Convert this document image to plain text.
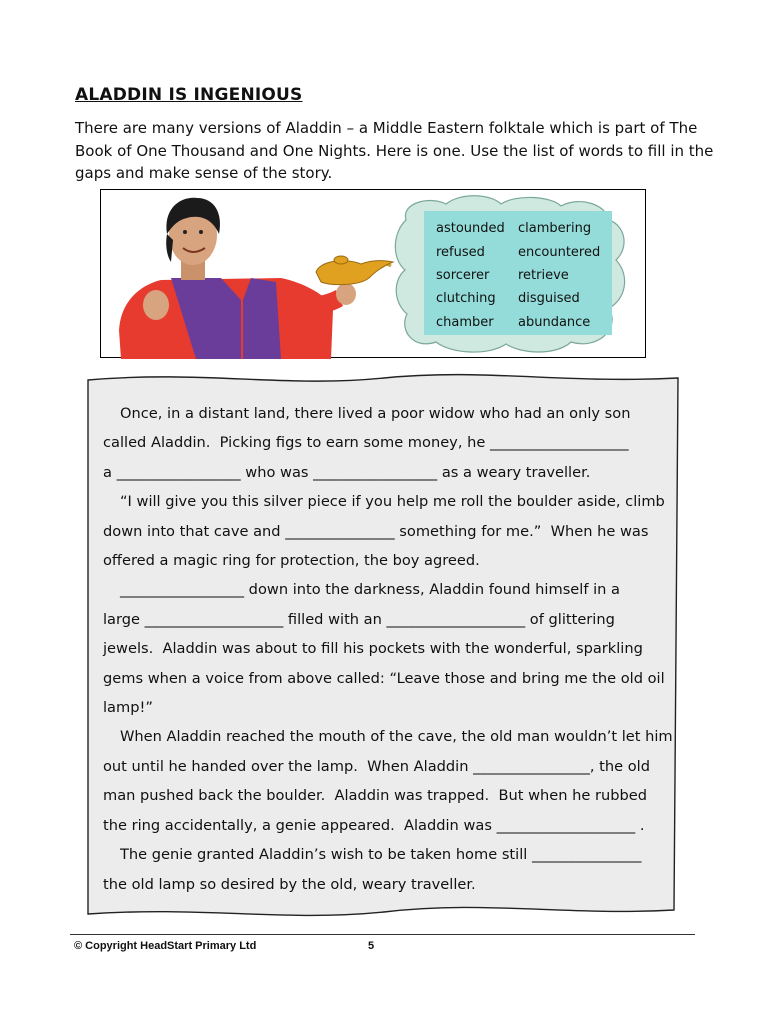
ALADDIN IS INGENIOUS
There are many versions of Aladdin – a Middle Eastern folktale which is part of The Book of One Thousand and One Nights. Here is one. Use the list of words to fill in the gaps and make sense of the story.
astounded	clambering
refused	encountered
sorcerer	retrieve
clutching	disguised
chamber	abundance

Once, in a distant land, there lived a poor widow who had an only son

called Aladdin.  Picking figs to earn some money, he ___________________

a _________________ who was _________________ as a weary traveller.

“I will give you this silver piece if you help me roll the boulder aside, climb

down into that cave and _______________ something for me.”  When he was

offered a magic ring for protection, the boy agreed.

_________________ down into the darkness, Aladdin found himself in a

large ___________________ filled with an ___________________ of glittering

jewels.  Aladdin was about to fill his pockets with the wonderful, sparkling

gems when a voice from above called: “Leave those and bring me the old oil

lamp!”

When Aladdin reached the mouth of the cave, the old man wouldn’t let him

out until he handed over the lamp.  When Aladdin ________________, the old

man pushed back the boulder.  Aladdin was trapped.  But when he rubbed

the ring accidentally, a genie appeared.  Aladdin was ___________________ .

The genie granted Aladdin’s wish to be taken home still _______________

the old lamp so desired by the old, weary traveller.

© Copyright HeadStart Primary Ltd	5
